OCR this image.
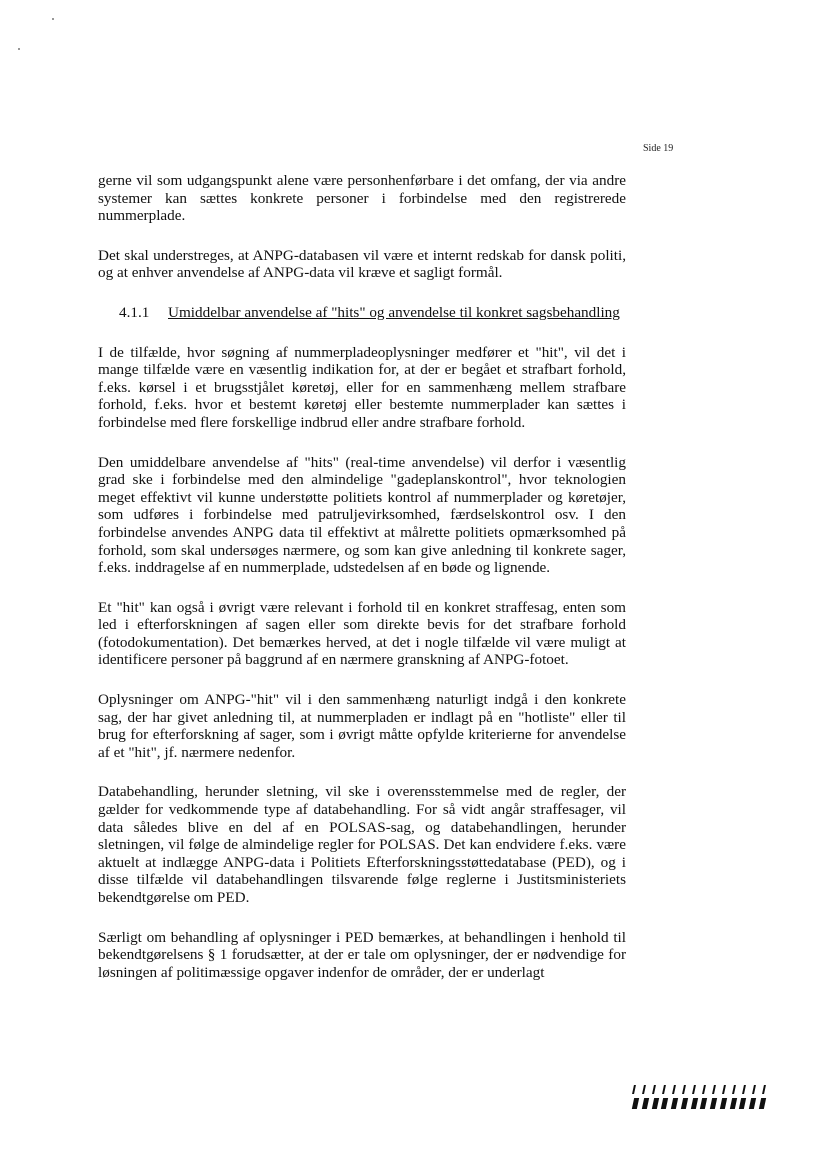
Side 19

gerne vil som udgangspunkt alene være personhenførbare i det omfang, der via andre systemer kan sættes konkrete personer i forbindelse med den registrerede nummerplade.

Det skal understreges, at ANPG-databasen vil være et internt redskab for dansk politi, og at enhver anvendelse af ANPG-data vil kræve et sagligt formål.

4.1.1	Umiddelbar anvendelse af "hits" og anvendelse til konkret sagsbehandling

I de tilfælde, hvor søgning af nummerpladeoplysninger medfører et "hit", vil det i mange tilfælde være en væsentlig indikation for, at der er begået et strafbart forhold, f.eks. kørsel i et brugsstjålet køretøj, eller for en sammenhæng mellem strafbare forhold, f.eks. hvor et bestemt køretøj eller bestemte nummerplader kan sættes i forbindelse med flere forskellige indbrud eller andre strafbare forhold.

Den umiddelbare anvendelse af "hits" (real-time anvendelse) vil derfor i væsentlig grad ske i forbindelse med den almindelige "gadeplanskontrol", hvor teknologien meget effektivt vil kunne understøtte politiets kontrol af nummerplader og køretøjer, som udføres i forbindelse med patruljevirksomhed, færdselskontrol osv. I den forbindelse anvendes ANPG data til effektivt at målrette politiets opmærksomhed på forhold, som skal undersøges nærmere, og som kan give anledning til konkrete sager, f.eks. inddragelse af en nummerplade, udstedelsen af en bøde og lignende.

Et "hit" kan også i øvrigt være relevant i forhold til en konkret straffesag, enten som led i efterforskningen af sagen eller som direkte bevis for det strafbare forhold (fotodokumentation). Det bemærkes herved, at det i nogle tilfælde vil være muligt at identificere personer på baggrund af en nærmere granskning af ANPG-fotoet.

Oplysninger om ANPG-"hit" vil i den sammenhæng naturligt indgå i den konkrete sag, der har givet anledning til, at nummerpladen er indlagt på en "hotliste" eller til brug for efterforskning af sager, som i øvrigt måtte opfylde kriterierne for anvendelse af et "hit", jf. nærmere nedenfor.

Databehandling, herunder sletning, vil ske i overensstemmelse med de regler, der gælder for vedkommende type af databehandling. For så vidt angår straffesager, vil data således blive en del af en POLSAS-sag, og databehandlingen, herunder sletningen, vil følge de almindelige regler for POLSAS. Det kan endvidere f.eks. være aktuelt at indlægge ANPG-data i Politiets Efterforskningsstøttedatabase (PED), og i disse tilfælde vil databehandlingen tilsvarende følge reglerne i Justitsministeriets bekendtgørelse om PED.

Særligt om behandling af oplysninger i PED bemærkes, at behandlingen i henhold til bekendtgørelsens § 1 forudsætter, at der er tale om oplysninger, der er nødvendige for løsningen af politimæssige opgaver indenfor de områder, der er underlagt
